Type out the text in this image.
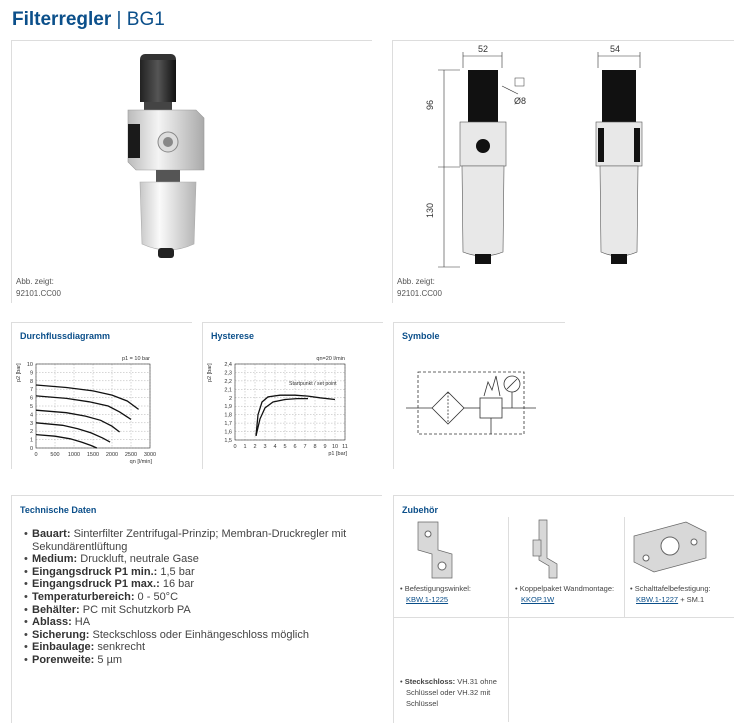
Filterregler | BG1
Abb. zeigt:
92101.CC00
52	54
96
130
Ø8
Abb. zeigt:
92101.CC00
Durchflussdiagramm	Hysterese	Symbole
0 500 1000 1500 2000 2500 3000
0
1
2
3
4
5
6
7
8
9
10
p1 = 10 bar
qn [l/min]
p2 [bar]
0 1 2 3 4 5 6 7 8 9 10 11
1,5
1,6
1,7
1,8
1,9
2
2,1
2,2
2,3
2,4
qn=20 l/min
p1 [bar]
p2 [bar]
Startpunkt / set point
Technische Daten
• Bauart: Sinterfilter Zentrifugal-Prinzip; Membran-Druckregler mit Sekundärentlüftung
• Medium: Druckluft, neutrale Gase
• Eingangsdruck P1 min.: 1,5 bar
• Eingangsdruck P1 max.: 16 bar
• Temperaturbereich: 0 - 50°C
• Behälter: PC mit Schutzkorb PA
• Ablass: HA
• Sicherung: Steckschloss oder Einhängeschloss möglich
• Einbaulage: senkrecht
• Porenweite: 5 µm
Zubehör
• Befestigungswinkel:
KBW.1-1225
• Koppelpaket Wandmontage:
KKOP.1W
• Schalttafelbefestigung:
KBW.1-1227 + SM.1
• Steckschloss: VH.31 ohne
Schlüssel oder VH.32 mit
Schlüssel
